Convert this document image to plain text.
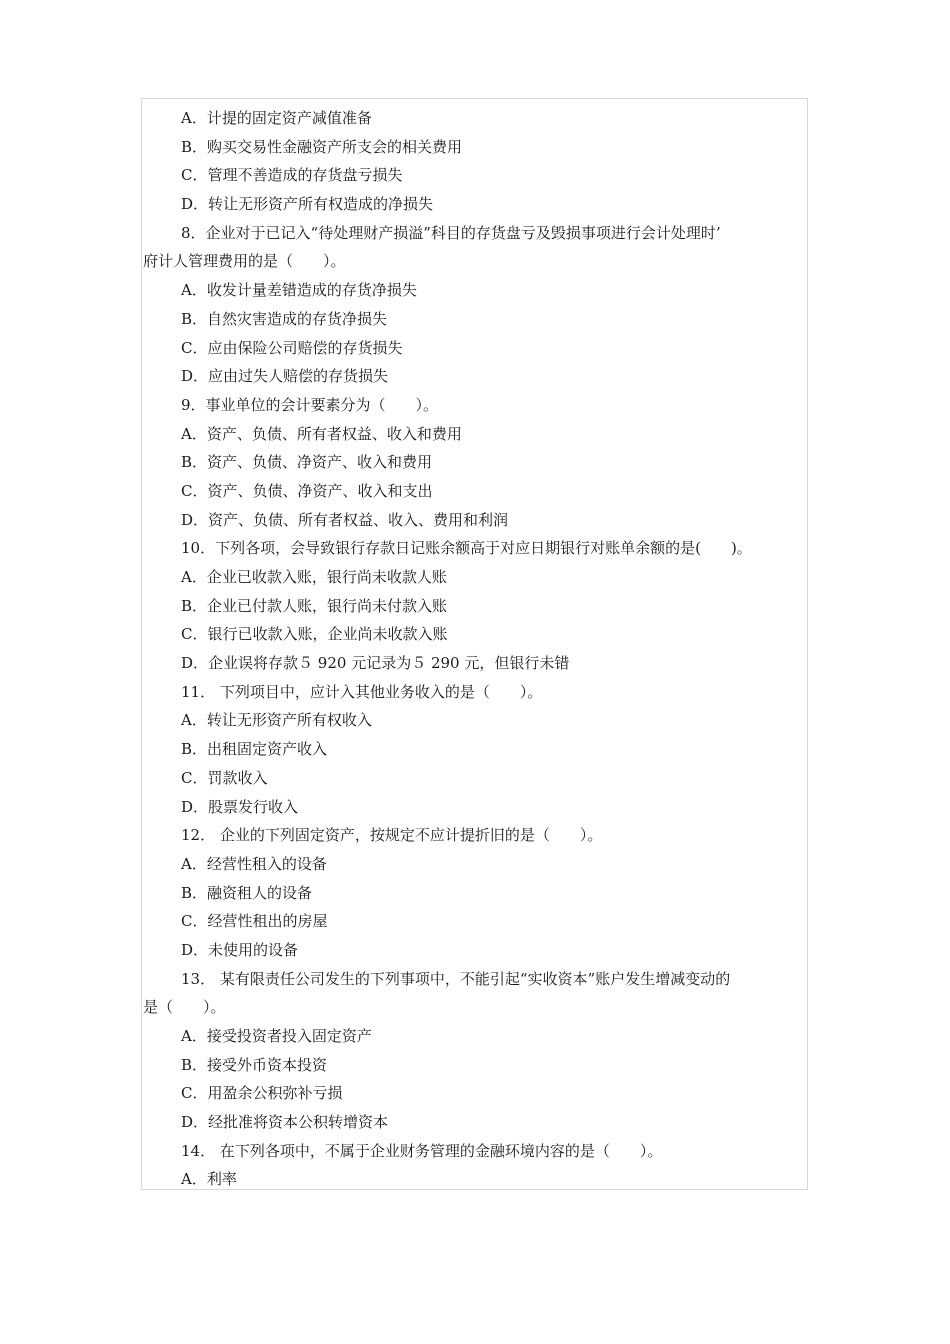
A．计提的固定资产减值准备
B．购买交易性金融资产所支会的相关费用
C．管理不善造成的存货盘亏损失
D．转让无形资产所有权造成的净损失
8．企业对于已记入“待处理财产损溢”科目的存货盘亏及毁损事项进行会计处理时’
府计人管理费用的是（　　）。
A．收发计量差错造成的存货净损失
B．自然灾害造成的存货净损失
C．应由保险公司赔偿的存货损失
D．应由过失人赔偿的存货损失
9．事业单位的会计要素分为（　　）。
A．资产、负债、所有者权益、收入和费用
B．资产、负债、净资产、收入和费用
C．资产、负债、净资产、收入和支出
D．资产、负债、所有者权益、收入、费用和利润
10．下列各项，会导致银行存款日记账余额高于对应日期银行对账单余额的是(　　)。
A．企业已收款入账，银行尚未收款人账
B．企业已付款人账，银行尚未付款入账
C．银行已收款入账，企业尚未收款入账
D．企业误将存款５ 920 元记录为５ 290 元，但银行未错
11． 下列项目中，应计入其他业务收入的是（　　）。
A．转让无形资产所有权收入
B．出租固定资产收入
C．罚款收入
D．股票发行收入
12． 企业的下列固定资产，按规定不应计提折旧的是（　　）。
A．经营性租入的设备
B．融资租人的设备
C．经营性租出的房屋
D．未使用的设备
13． 某有限责任公司发生的下列事项中，不能引起“实收资本”账户发生增减变动的
是（　　）。
A．接受投资者投入固定资产
B．接受外币资本投资
C．用盈余公积弥补亏损
D．经批准将资本公积转增资本
14． 在下列各项中，不属于企业财务管理的金融环境内容的是（　　）。
A．利率
